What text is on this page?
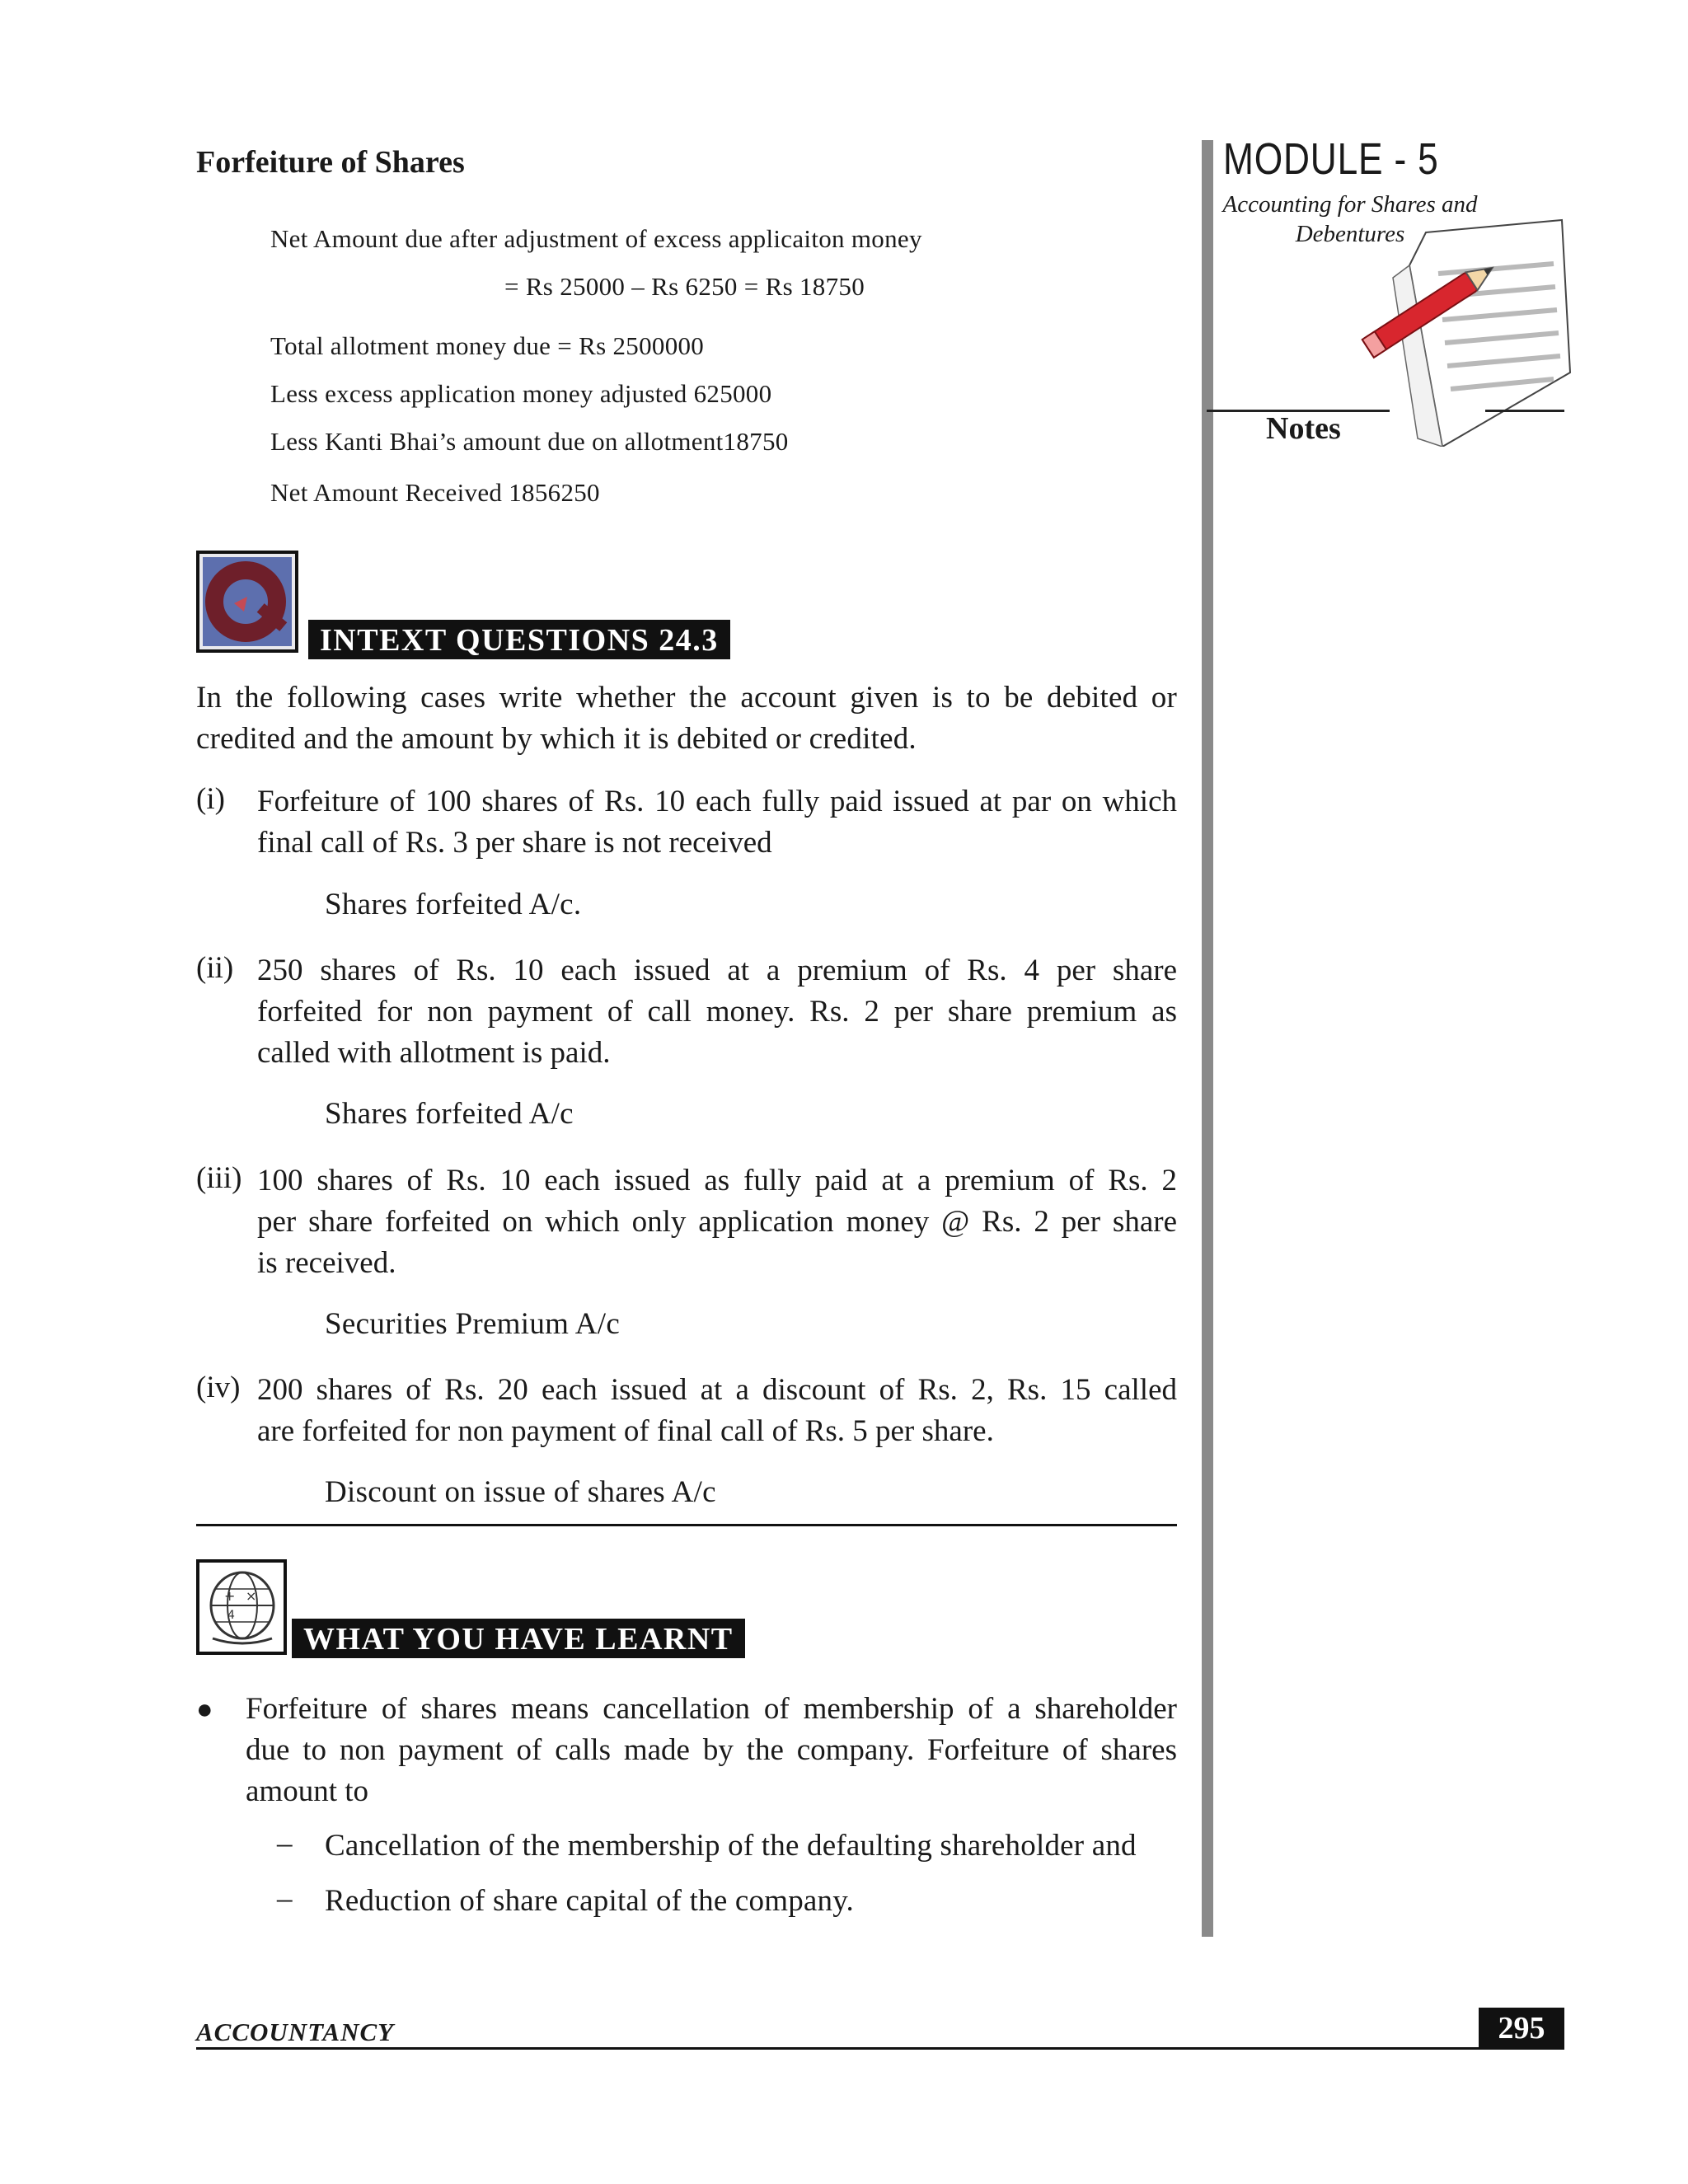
Forfeiture of Shares	MODULE - 5
Accounting for Shares and
Debentures
Notes
Net Amount due after adjustment of excess applicaiton money
= Rs 25000 – Rs 6250 = Rs 18750
Total allotment money due = Rs 2500000
Less excess application money adjusted 625000
Less Kanti Bhai’s amount due on allotment18750
Net Amount Received 1856250
INTEXT QUESTIONS 24.3
In the following cases write whether the account given is to be debited or
credited and the amount by which it is debited or credited.
(i) Forfeiture of 100 shares of Rs. 10 each fully paid issued at par on which
final call of Rs. 3 per share is not received
Shares forfeited A/c.
(ii) 250 shares of Rs. 10 each issued at a premium of Rs. 4 per share
forfeited for non payment of call money. Rs. 2 per share premium as
called with allotment is paid.
Shares forfeited A/c
(iii) 100 shares of Rs. 10 each issued as fully paid at a premium of Rs. 2
per share forfeited on which only application money @ Rs. 2 per share
is received.
Securities Premium A/c
(iv) 200 shares of Rs. 20 each issued at a discount of Rs. 2, Rs. 15 called
are forfeited for non payment of final call of Rs. 5 per share.
Discount on issue of shares A/c
+ ×
4
WHAT YOU HAVE LEARNT
● Forfeiture of shares means cancellation of membership of a shareholder
due to non payment of calls made by the company. Forfeiture of shares
amount to
– Cancellation of the membership of the defaulting shareholder and
– Reduction of share capital of the company.
ACCOUNTANCY	295
